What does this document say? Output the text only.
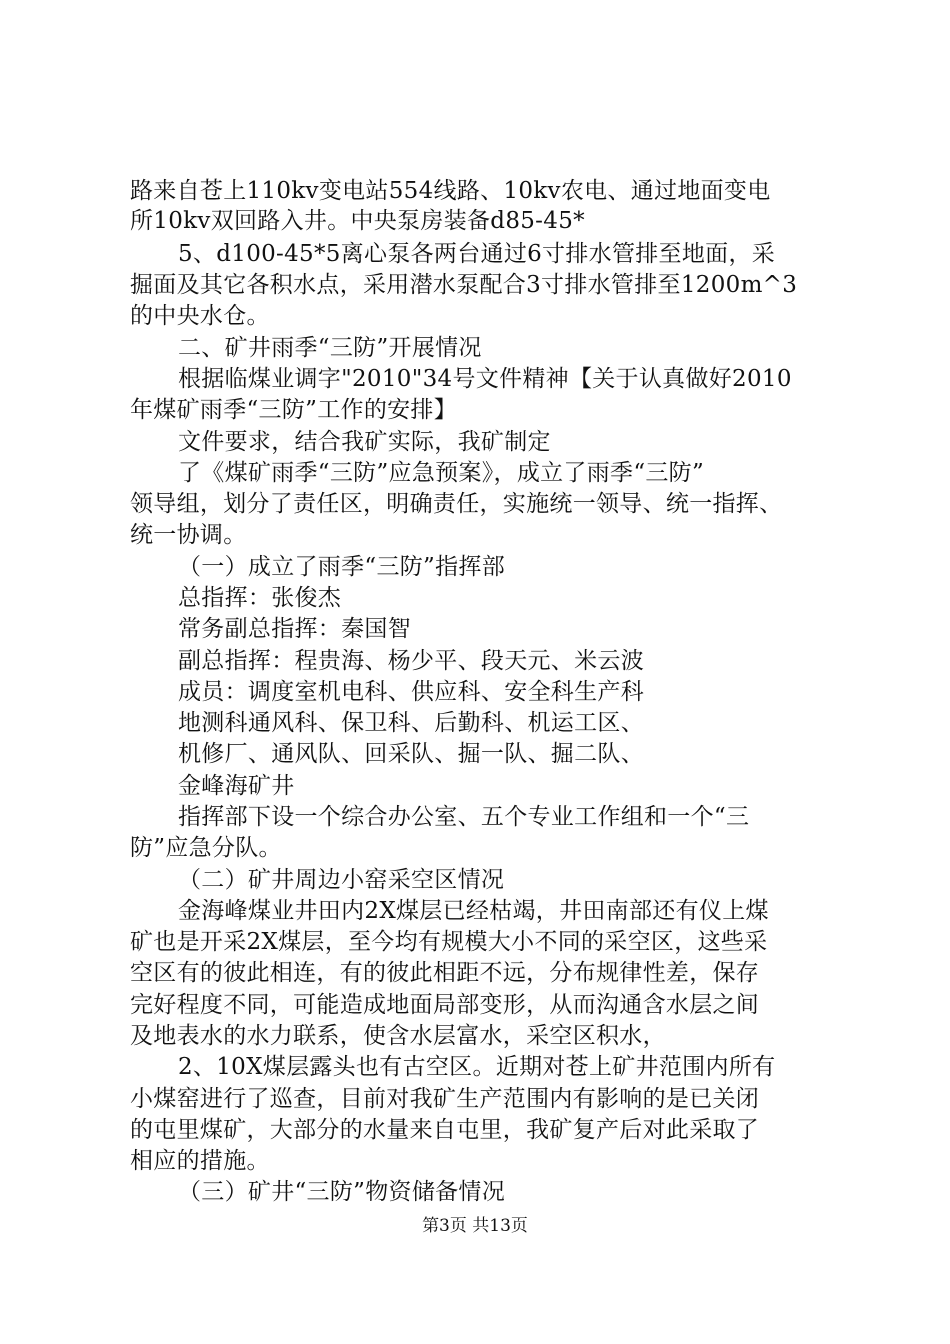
路来自苍上110kv变电站554线路、10kv农电、通过地面变电
所10kv双回路入井。中央泵房装备d85-45*
5、d100-45*5离心泵各两台通过6寸排水管排至地面，采
掘面及其它各积水点，采用潜水泵配合3寸排水管排至1200m^3
的中央水仓。
二、矿井雨季“三防”开展情况
根据临煤业调字"2010"34号文件精神【关于认真做好2010
年煤矿雨季“三防”工作的安排】
文件要求，结合我矿实际，我矿制定
了《煤矿雨季“三防”应急预案》，成立了雨季“三防”
领导组，划分了责任区，明确责任，实施统一领导、统一指挥、
统一协调。
（一）成立了雨季“三防”指挥部
总指挥：张俊杰
常务副总指挥：秦国智
副总指挥：程贵海、杨少平、段天元、米云波
成员：调度室机电科、供应科、安全科生产科
地测科通风科、保卫科、后勤科、机运工区、
机修厂、通风队、回采队、掘一队、掘二队、
金峰海矿井
指挥部下设一个综合办公室、五个专业工作组和一个“三
防”应急分队。
（二）矿井周边小窑采空区情况
金海峰煤业井田内2X煤层已经枯竭，井田南部还有仪上煤
矿也是开采2X煤层，至今均有规模大小不同的采空区，这些采
空区有的彼此相连，有的彼此相距不远，分布规律性差，保存
完好程度不同，可能造成地面局部变形，从而沟通含水层之间
及地表水的水力联系，使含水层富水，采空区积水，
2、10X煤层露头也有古空区。近期对苍上矿井范围内所有
小煤窑进行了巡查，目前对我矿生产范围内有影响的是已关闭
的屯里煤矿，大部分的水量来自屯里，我矿复产后对此采取了
相应的措施。
（三）矿井“三防”物资储备情况
第3页 共13页
